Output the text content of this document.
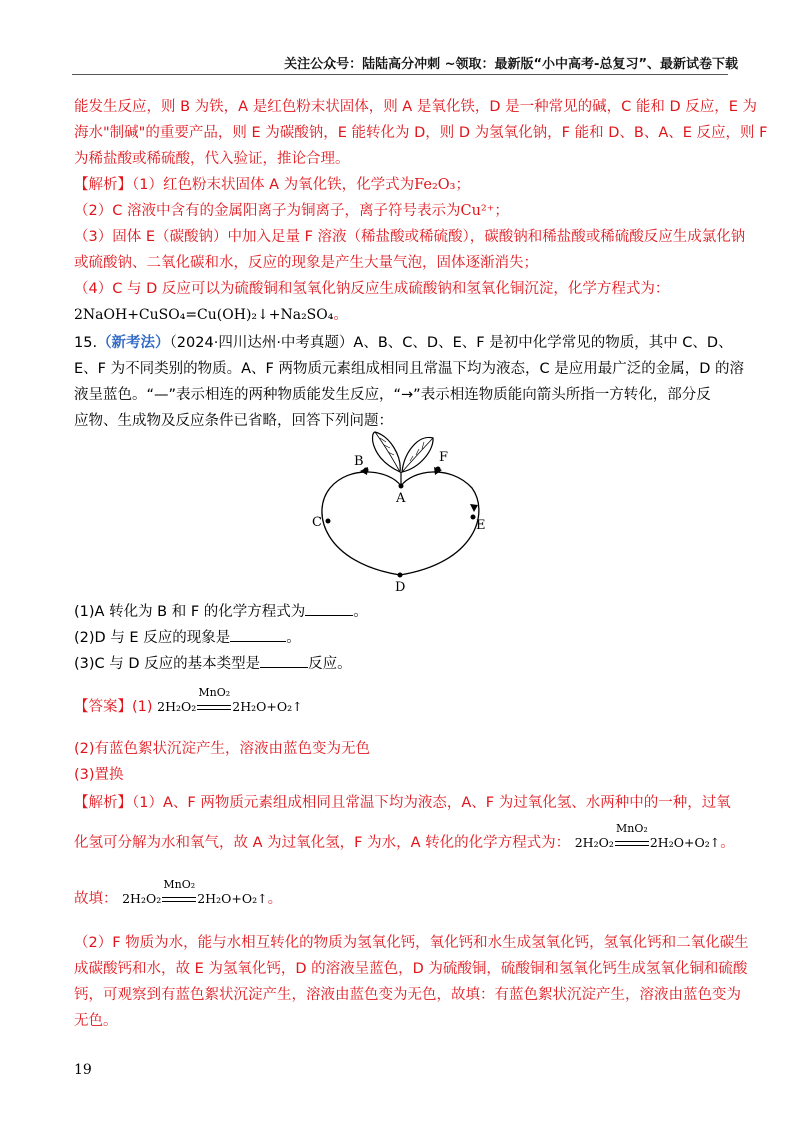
关注公众号：陆陆高分冲刺 ~领取：最新版“小中高考-总复习”、最新试卷下载
能发生反应，则 B 为铁，A 是红色粉末状固体，则 A 是氧化铁，D 是一种常见的碱，C 能和 D 反应，E 为
海水"制碱"的重要产品，则 E 为碳酸钠，E 能转化为 D，则 D 为氢氧化钠，F 能和 D、B、A、E 反应，则 F
为稀盐酸或稀硫酸，代入验证，推论合理。
【解析】（1）红色粉末状固体 A 为氧化铁，化学式为Fe₂O₃；
（2）C 溶液中含有的金属阳离子为铜离子，离子符号表示为Cu²⁺；
（3）固体 E（碳酸钠）中加入足量 F 溶液（稀盐酸或稀硫酸），碳酸钠和稀盐酸或稀硫酸反应生成氯化钠
或硫酸钠、二氧化碳和水，反应的现象是产生大量气泡，固体逐渐消失；
（4）C 与 D 反应可以为硫酸铜和氢氧化钠反应生成硫酸钠和氢氧化铜沉淀，化学方程式为：
2NaOH+CuSO₄=Cu(OH)₂↓+Na₂SO₄。
15.（新考法）（2024·四川达州·中考真题）A、B、C、D、E、F 是初中化学常见的物质，其中 C、D、
E、F 为不同类别的物质。A、F 两物质元素组成相同且常温下均为液态，C 是应用最广泛的金属，D 的溶
液呈蓝色。“—”表示相连的两种物质能发生反应，“→”表示相连物质能向箭头所指一方转化，部分反
应物、生成物及反应条件已省略，回答下列问题：
A
B	F
C	E
D
(1)A 转化为 B 和 F 的化学方程式为	。
(2)D 与 E 反应的现象是	。
(3)C 与 D 反应的基本类型是	反应。
【答案】(1) 2H₂O₂
MnO₂
2H₂O+O₂↑
(2)有蓝色絮状沉淀产生，溶液由蓝色变为无色
(3)置换
【解析】（1）A、F 两物质元素组成相同且常温下均为液态，A、F 为过氧化氢、水两种中的一种，过氧
化氢可分解为水和氧气，故 A 为过氧化氢，F 为水，A 转化的化学方程式为： 2H₂O₂
MnO₂
2H₂O+O₂↑。
故填： 2H₂O₂
MnO₂
2H₂O+O₂↑。
（2）F 物质为水，能与水相互转化的物质为氢氧化钙，氧化钙和水生成氢氧化钙，氢氧化钙和二氧化碳生
成碳酸钙和水，故 E 为氢氧化钙，D 的溶液呈蓝色，D 为硫酸铜，硫酸铜和氢氧化钙生成氢氧化铜和硫酸
钙，可观察到有蓝色絮状沉淀产生，溶液由蓝色变为无色，故填：有蓝色絮状沉淀产生，溶液由蓝色变为
无色。
19
